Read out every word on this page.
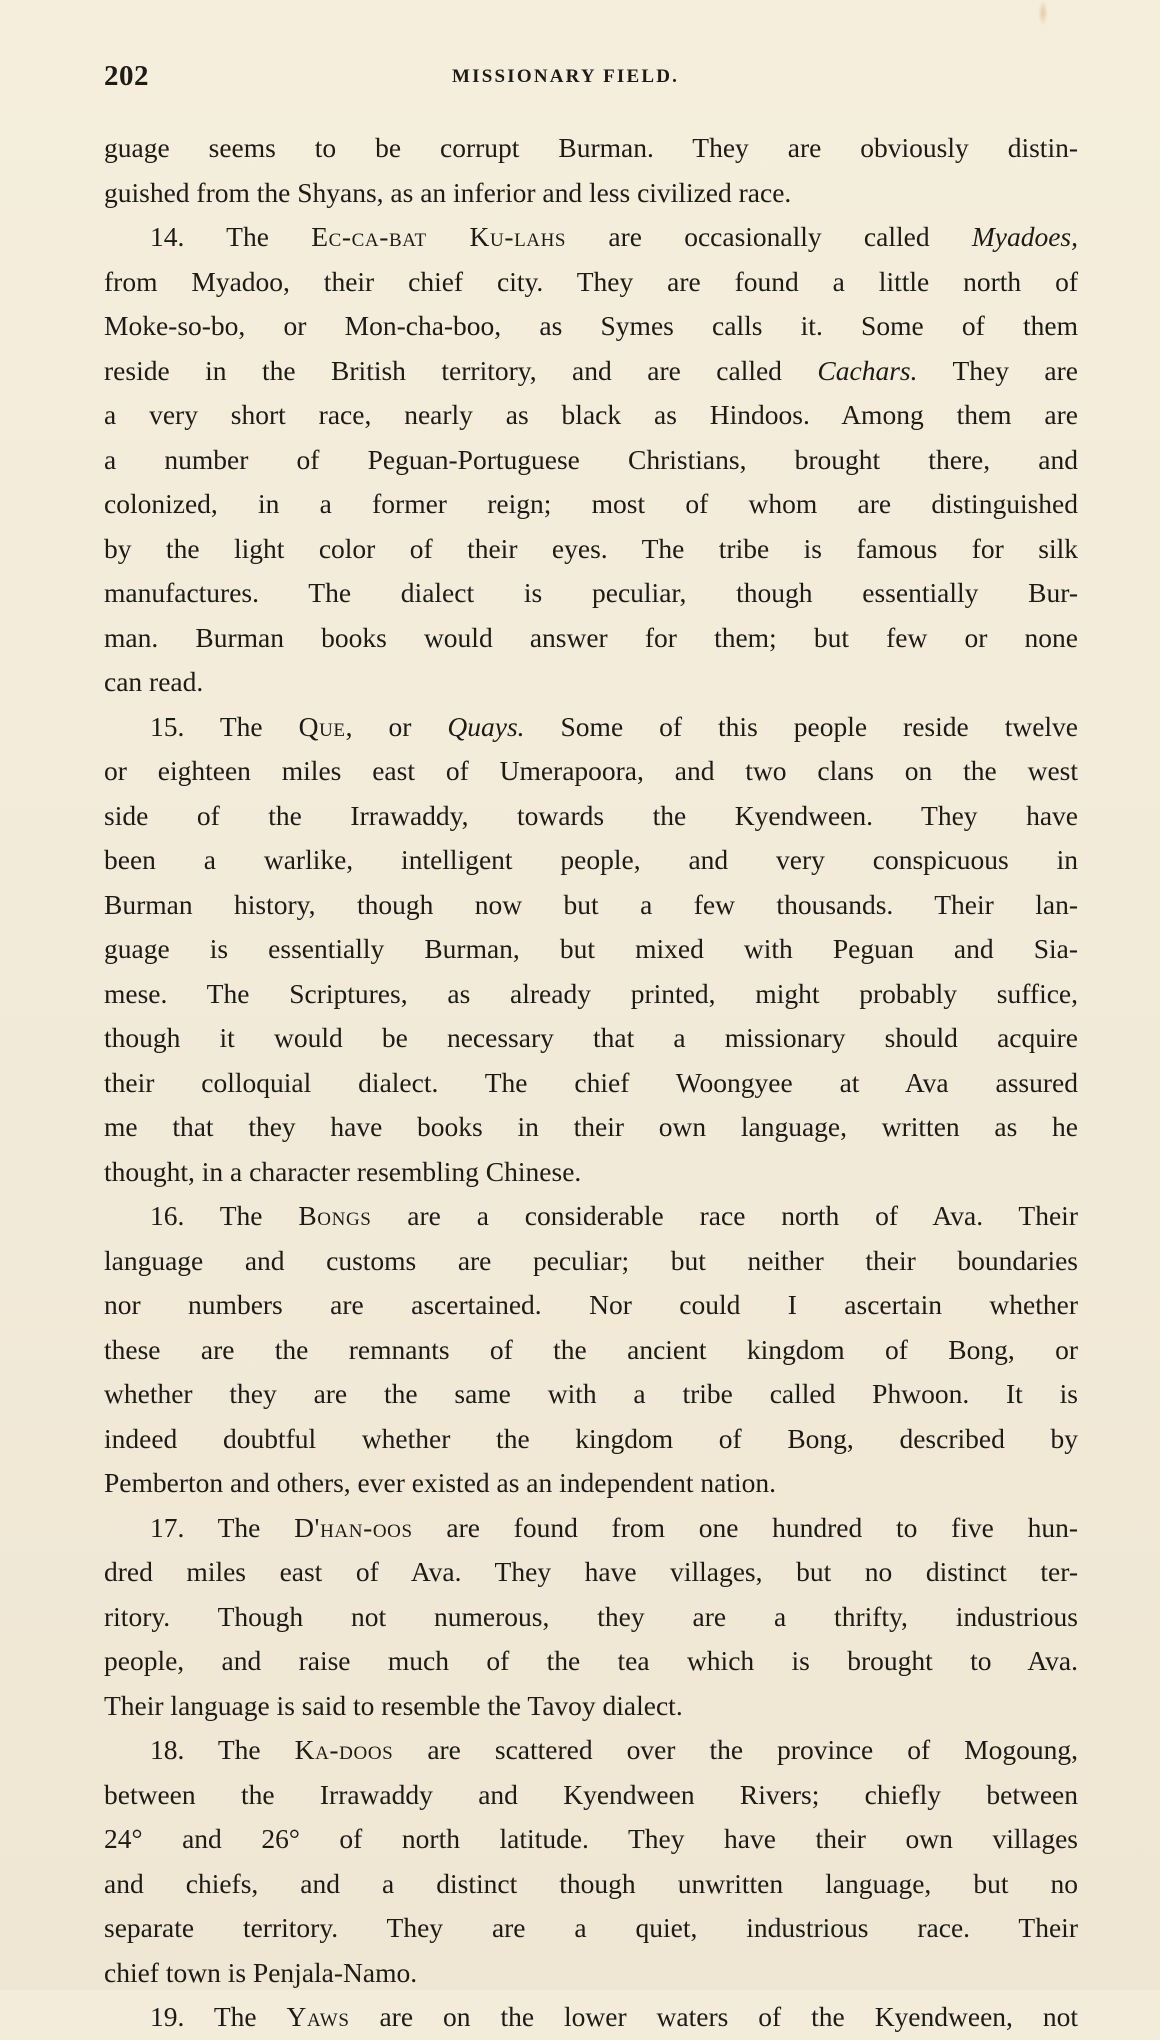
202	MISSIONARY FIELD.
guage seems to be corrupt Burman. They are obviously distin-
guished from the Shyans, as an inferior and less civilized race.
14. The Ec-ca-bat Ku-lahs are occasionally called Myadoes,
from Myadoo, their chief city. They are found a little north of
Moke-so-bo, or Mon-cha-boo, as Symes calls it. Some of them
reside in the British territory, and are called Cachars. They are
a very short race, nearly as black as Hindoos. Among them are
a number of Peguan-Portuguese Christians, brought there, and
colonized, in a former reign; most of whom are distinguished
by the light color of their eyes. The tribe is famous for silk
manufactures. The dialect is peculiar, though essentially Bur-
man. Burman books would answer for them; but few or none
can read.
15. The Que, or Quays. Some of this people reside twelve
or eighteen miles east of Umerapoora, and two clans on the west
side of the Irrawaddy, towards the Kyendween. They have
been a warlike, intelligent people, and very conspicuous in
Burman history, though now but a few thousands. Their lan-
guage is essentially Burman, but mixed with Peguan and Sia-
mese. The Scriptures, as already printed, might probably suffice,
though it would be necessary that a missionary should acquire
their colloquial dialect. The chief Woongyee at Ava assured
me that they have books in their own language, written as he
thought, in a character resembling Chinese.
16. The Bongs are a considerable race north of Ava. Their
language and customs are peculiar; but neither their boundaries
nor numbers are ascertained. Nor could I ascertain whether
these are the remnants of the ancient kingdom of Bong, or
whether they are the same with a tribe called Phwoon. It is
indeed doubtful whether the kingdom of Bong, described by
Pemberton and others, ever existed as an independent nation.
17. The D'han-oos are found from one hundred to five hun-
dred miles east of Ava. They have villages, but no distinct ter-
ritory. Though not numerous, they are a thrifty, industrious
people, and raise much of the tea which is brought to Ava.
Their language is said to resemble the Tavoy dialect.
18. The Ka-doos are scattered over the province of Mogoung,
between the Irrawaddy and Kyendween Rivers; chiefly between
24° and 26° of north latitude. They have their own villages
and chiefs, and a distinct though unwritten language, but no
separate territory. They are a quiet, industrious race. Their
chief town is Penjala-Namo.
19. The Yaws are on the lower waters of the Kyendween, not
